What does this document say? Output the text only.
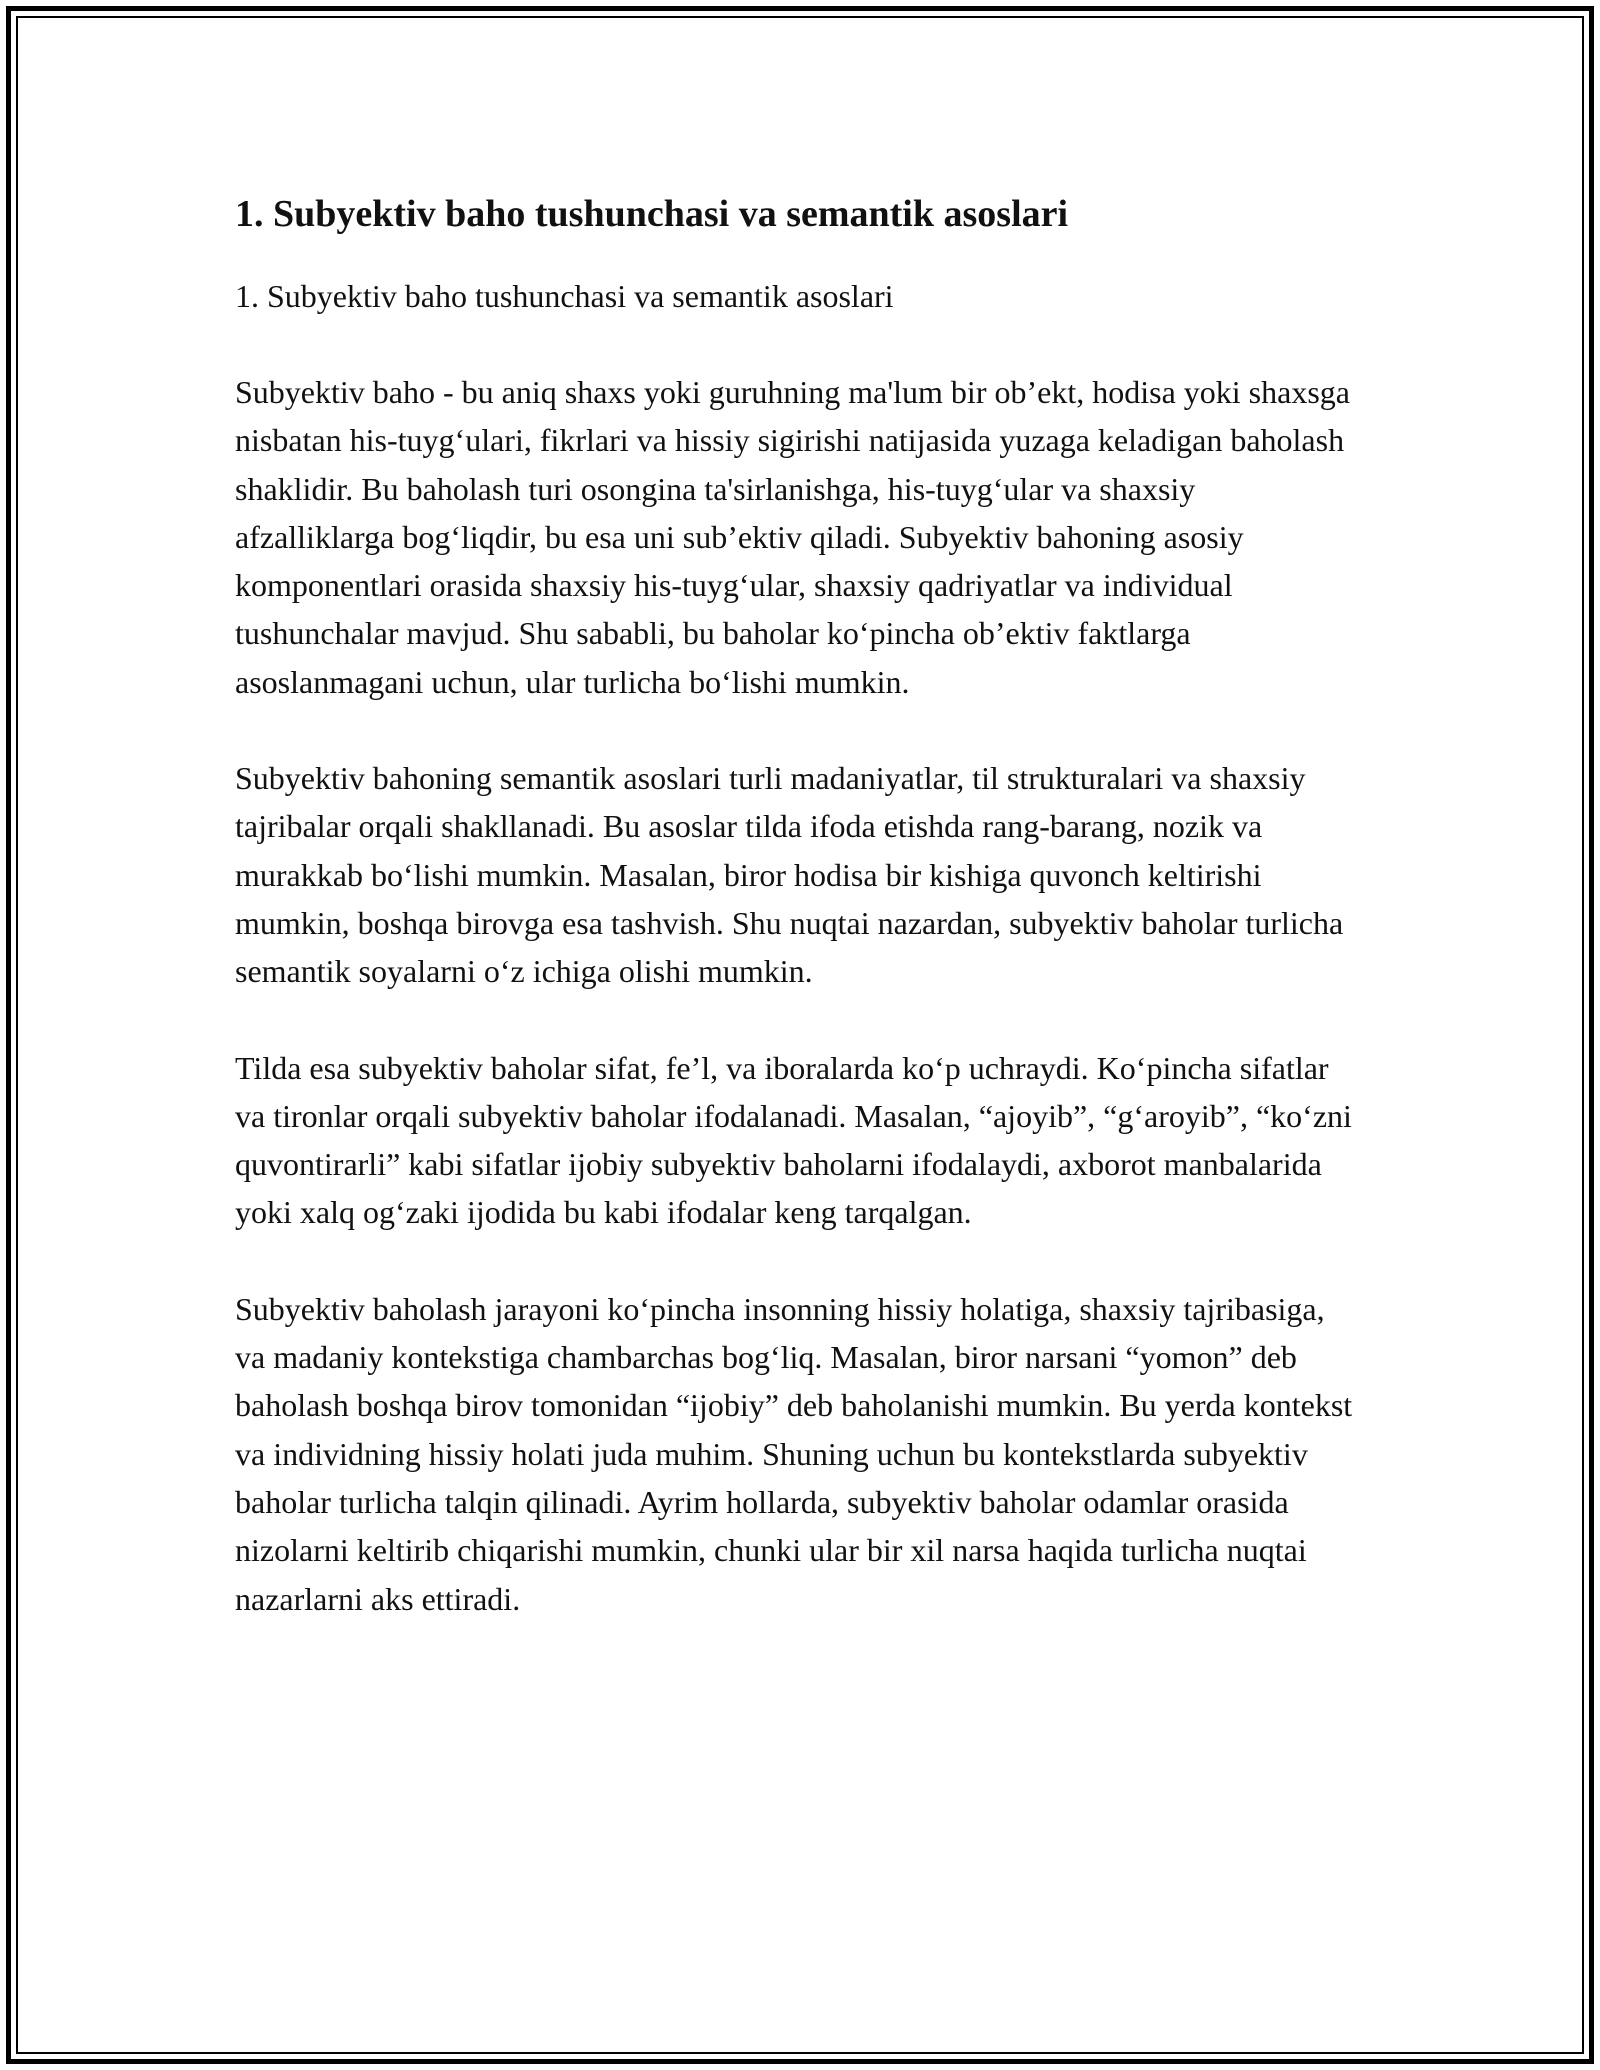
1. Subyektiv baho tushunchasi va semantik asoslari

1. Subyektiv baho tushunchasi va semantik asoslari

Subyektiv baho - bu aniq shaxs yoki guruhning ma'lum bir ob’ekt, hodisa yoki shaxsga nisbatan his-tuyg‘ulari, fikrlari va hissiy sigirishi natijasida yuzaga keladigan baholash shaklidir. Bu baholash turi osongina ta'sirlanishga, his-tuyg‘ular va shaxsiy afzalliklarga bog‘liqdir, bu esa uni sub’ektiv qiladi. Subyektiv bahoning asosiy komponentlari orasida shaxsiy his-tuyg‘ular, shaxsiy qadriyatlar va individual tushunchalar mavjud. Shu sababli, bu baholar ko‘pincha ob’ektiv faktlarga asoslanmagani uchun, ular turlicha bo‘lishi mumkin.

Subyektiv bahoning semantik asoslari turli madaniyatlar, til strukturalari va shaxsiy tajribalar orqali shakllanadi. Bu asoslar tilda ifoda etishda rang-barang, nozik va murakkab bo‘lishi mumkin. Masalan, biror hodisa bir kishiga quvonch keltirishi mumkin, boshqa birovga esa tashvish. Shu nuqtai nazardan, subyektiv baholar turlicha semantik soyalarni o‘z ichiga olishi mumkin.

Tilda esa subyektiv baholar sifat, fe’l, va iboralarda ko‘p uchraydi. Ko‘pincha sifatlar va tironlar orqali subyektiv baholar ifodalanadi. Masalan, “ajoyib”, “g‘aroyib”, “ko‘zni quvontirarli” kabi sifatlar ijobiy subyektiv baholarni ifodalaydi, axborot manbalarida yoki xalq og‘zaki ijodida bu kabi ifodalar keng tarqalgan.

Subyektiv baholash jarayoni ko‘pincha insonning hissiy holatiga, shaxsiy tajribasiga, va madaniy kontekstiga chambarchas bog‘liq. Masalan, biror narsani “yomon” deb baholash boshqa birov tomonidan “ijobiy” deb baholanishi mumkin. Bu yerda kontekst va individning hissiy holati juda muhim. Shuning uchun bu kontekstlarda subyektiv baholar turlicha talqin qilinadi. Ayrim hollarda, subyektiv baholar odamlar orasida nizolarni keltirib chiqarishi mumkin, chunki ular bir xil narsa haqida turlicha nuqtai nazarlarni aks ettiradi.
